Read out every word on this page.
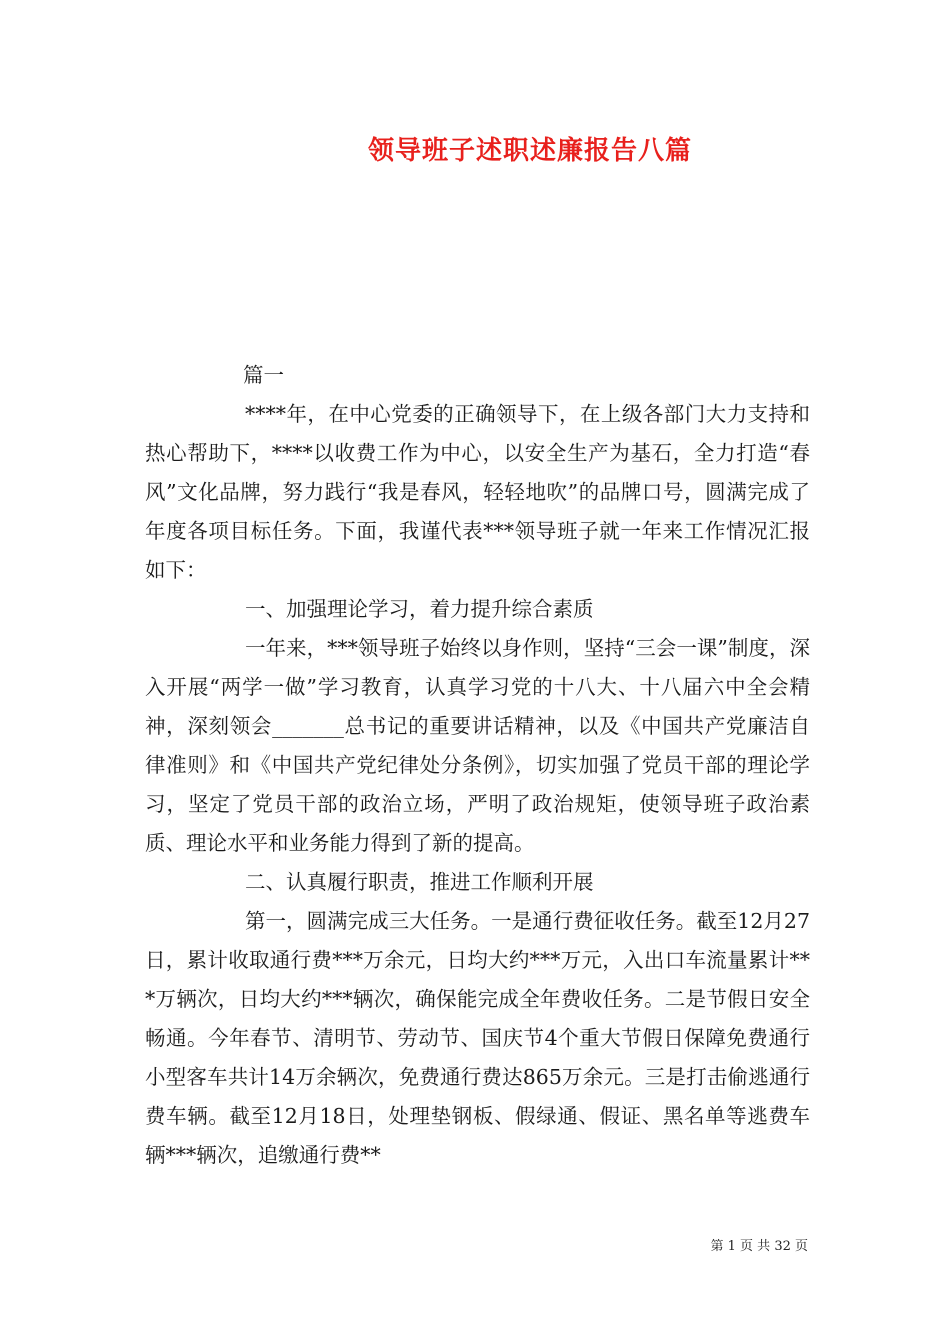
领导班子述职述廉报告八篇

篇一

****年，在中心党委的正确领导下，在上级各部门大力支持和热心帮助下，****以收费工作为中心，以安全生产为基石，全力打造“春风”文化品牌，努力践行“我是春风，轻轻地吹”的品牌口号，圆满完成了年度各项目标任务。下面，我谨代表***领导班子就一年来工作情况汇报如下：

一、加强理论学习，着力提升综合素质

一年来，***领导班子始终以身作则，坚持“三会一课”制度，深入开展“两学一做”学习教育，认真学习党的十八大、十八届六中全会精神，深刻领会_______总书记的重要讲话精神，以及《中国共产党廉洁自律准则》和《中国共产党纪律处分条例》，切实加强了党员干部的理论学习，坚定了党员干部的政治立场，严明了政治规矩，使领导班子政治素质、理论水平和业务能力得到了新的提高。

二、认真履行职责，推进工作顺利开展

第一，圆满完成三大任务。一是通行费征收任务。截至12月27日，累计收取通行费***万余元，日均大约***万元，入出口车流量累计***万辆次，日均大约***辆次，确保能完成全年费收任务。二是节假日安全畅通。今年春节、清明节、劳动节、国庆节4个重大节假日保障免费通行小型客车共计14万余辆次，免费通行费达865万余元。三是打击偷逃通行费车辆。截至12月18日，处理垫钢板、假绿通、假证、黑名单等逃费车辆***辆次，追缴通行费**

第 1 页 共 32 页
